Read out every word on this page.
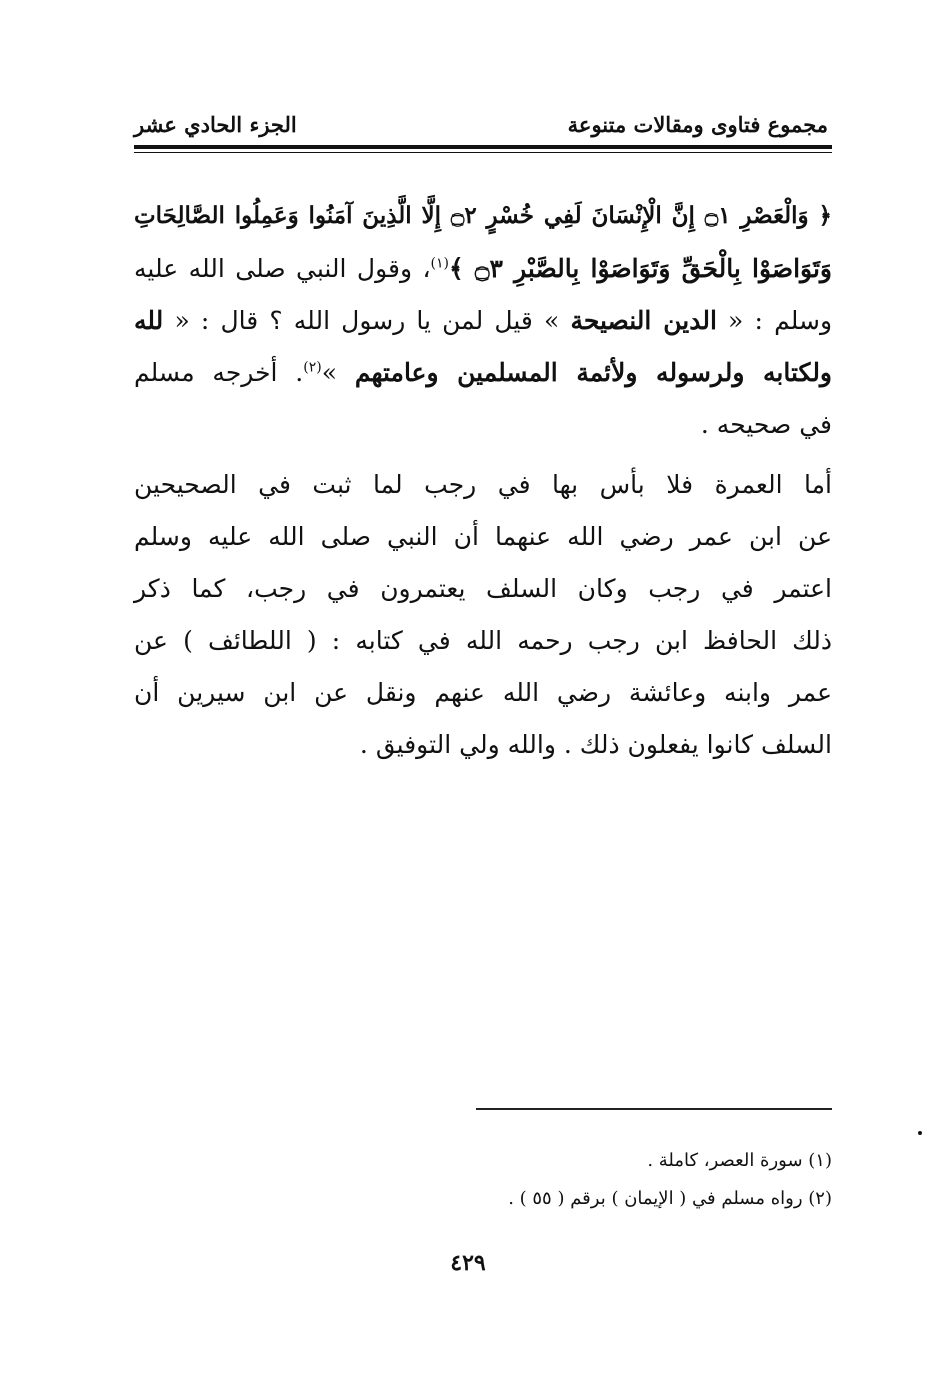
مجموع فتاوى ومقالات متنوعة
الجزء الحادي عشر
﴿ وَالْعَصْرِ ۝١ إِنَّ الْإِنْسَانَ لَفِي خُسْرٍ ۝٢ إِلَّا الَّذِينَ آمَنُوا وَعَمِلُوا الصَّالِحَاتِ
وَتَوَاصَوْا بِالْحَقِّ وَتَوَاصَوْا بِالصَّبْرِ ۝٣ ﴾$^{(١)}$، وقول النبي صلى الله عليه
وسلم : « الدين النصيحة » قيل لمن يا رسول الله ؟ قال : « لله
ولكتابه ولرسوله ولأئمة المسلمين وعامتهم »$^{(٢)}$. أخرجه مسلم
في صحيحه .
أما العمرة فلا بأس بها في رجب لما ثبت في الصحيحين
عن ابن عمر رضي الله عنهما أن النبي صلى الله عليه وسلم
اعتمر في رجب وكان السلف يعتمرون في رجب، كما ذكر
ذلك الحافظ ابن رجب رحمه الله في كتابه : ( اللطائف ) عن
عمر وابنه وعائشة رضي الله عنهم ونقل عن ابن سيرين أن
السلف كانوا يفعلون ذلك . والله ولي التوفيق .
(١) سورة العصر، كاملة .
(٢) رواه مسلم في ( الإيمان ) برقم ( ٥٥ ) .
٤٢٩
